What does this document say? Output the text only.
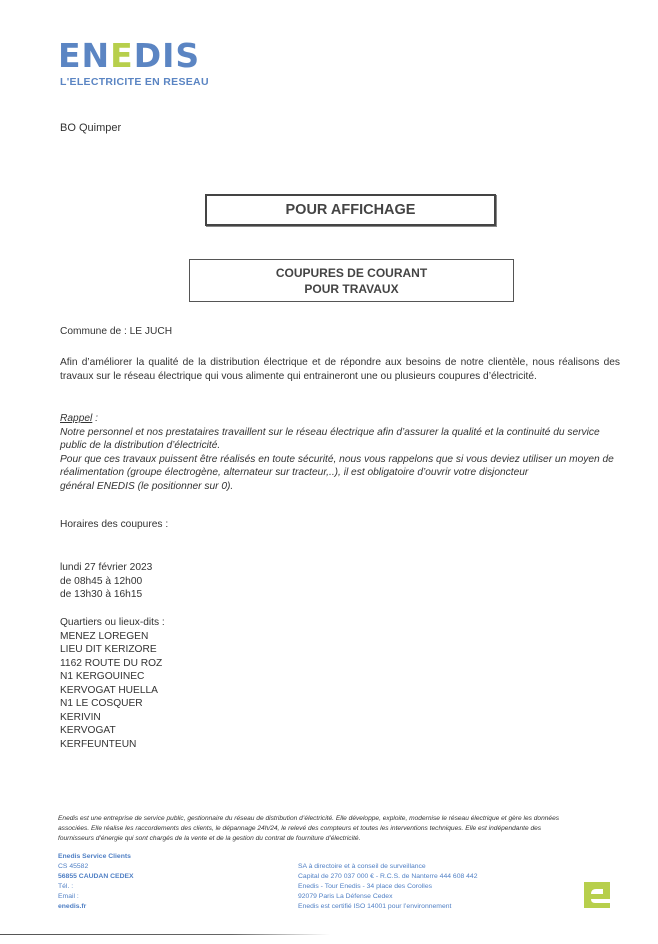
ENEDIS
L'ELECTRICITE EN RESEAU
BO Quimper
POUR AFFICHAGE
COUPURES DE COURANT
POUR TRAVAUX
Commune de : LE JUCH
Afin d’améliorer la qualité de la distribution électrique et de répondre aux besoins de notre clientèle, nous réalisons des travaux sur le réseau électrique qui vous alimente qui entraineront une ou plusieurs coupures d’électricité.
Rappel :
Notre personnel et nos prestataires travaillent sur le réseau électrique afin d’assurer la qualité et la continuité du service
public de la distribution d’électricité.
Pour que ces travaux puissent être réalisés en toute sécurité, nous vous rappelons que si vous deviez utiliser un moyen de
réalimentation (groupe électrogène, alternateur sur tracteur,..), il est obligatoire d’ouvrir votre disjoncteur
général ENEDIS (le positionner sur 0).
Horaires des coupures :
lundi 27 février 2023
de 08h45 à 12h00
de 13h30 à 16h15
Quartiers ou lieux-dits :
MENEZ LOREGEN
LIEU DIT KERIZORE
1162 ROUTE DU ROZ
N1 KERGOUINEC
KERVOGAT HUELLA
N1 LE COSQUER
KERIVIN
KERVOGAT
KERFEUNTEUN
Enedis est une entreprise de service public, gestionnaire du réseau de distribution d’électricité. Elle développe, exploite, modernise le réseau électrique et gère les données
associées. Elle réalise les raccordements des clients, le dépannage 24h/24, le relevé des compteurs et toutes les interventions techniques. Elle est indépendante des
fournisseurs d’énergie qui sont chargés de la vente et de la gestion du contrat de fourniture d’électricité.
Enedis Service Clients
CS 45582
56855 CAUDAN CEDEX
Tél. :
Email :
enedis.fr
SA à directoire et à conseil de surveillance
Capital de 270 037 000 € - R.C.S. de Nanterre 444 608 442
Enedis - Tour Enedis - 34 place des Corolles
92079 Paris La Défense Cedex
Enedis est certifié ISO 14001 pour l’environnement
